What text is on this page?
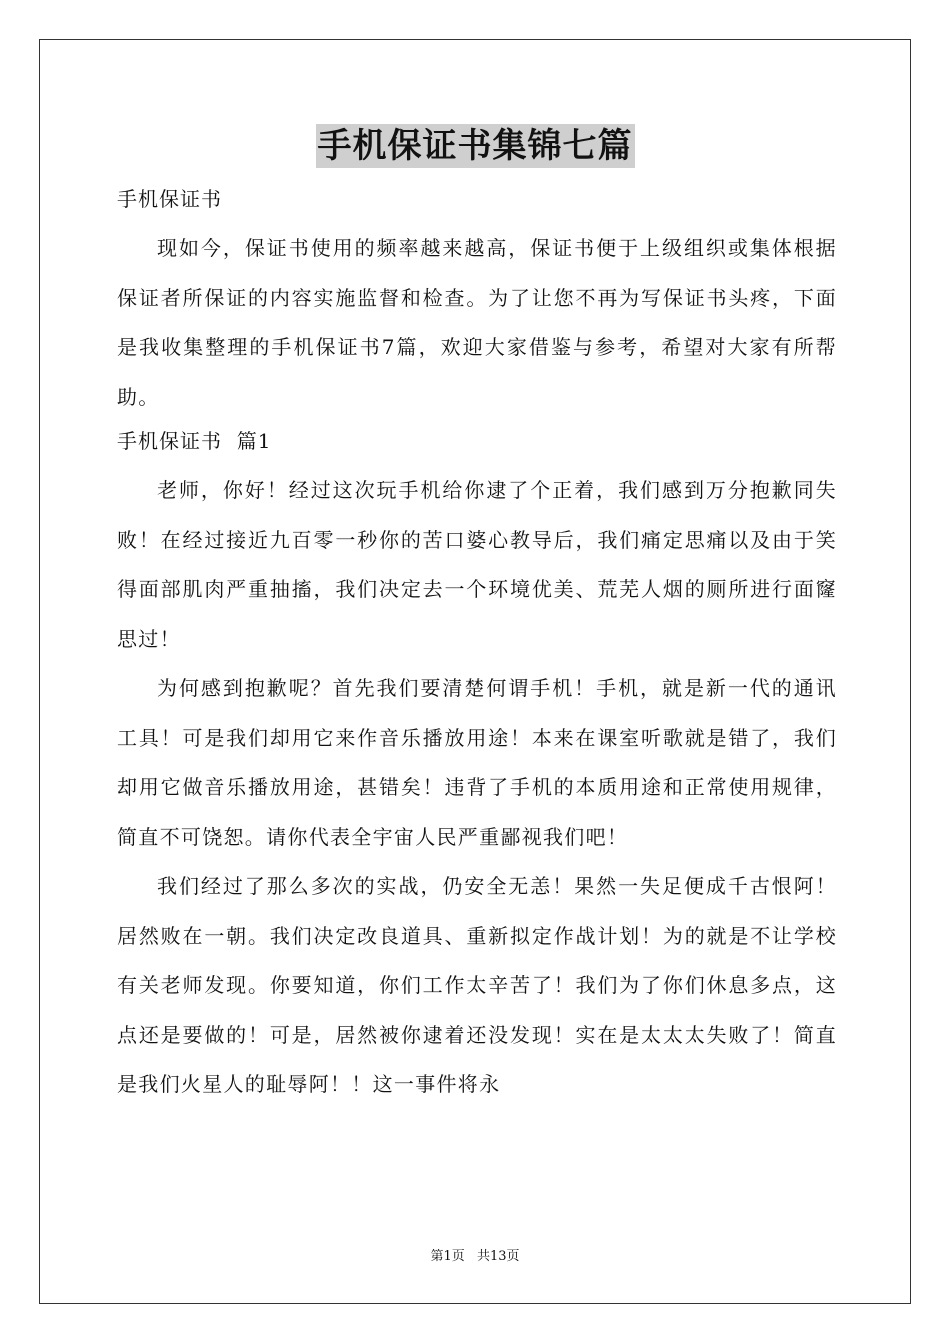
手机保证书集锦七篇
手机保证书

现如今，保证书使用的频率越来越高，保证书便于上级组织或集体根据保证者所保证的内容实施监督和检查。为了让您不再为写保证书头疼，下面是我收集整理的手机保证书7篇，欢迎大家借鉴与参考，希望对大家有所帮助。

手机保证书  篇1

老师，你好！经过这次玩手机给你逮了个正着，我们感到万分抱歉同失败！在经过接近九百零一秒你的苦口婆心教导后，我们痛定思痛以及由于笑得面部肌肉严重抽搐，我们决定去一个环境优美、荒芜人烟的厕所进行面窿思过！

为何感到抱歉呢？首先我们要清楚何谓手机！手机，就是新一代的通讯工具！可是我们却用它来作音乐播放用途！本来在课室听歌就是错了，我们却用它做音乐播放用途，甚错矣！违背了手机的本质用途和正常使用规律，简直不可饶恕。请你代表全宇宙人民严重鄙视我们吧！

我们经过了那么多次的实战，仍安全无恙！果然一失足便成千古恨阿！居然败在一朝。我们决定改良道具、重新拟定作战计划！为的就是不让学校有关老师发现。你要知道，你们工作太辛苦了！我们为了你们休息多点，这点还是要做的！可是，居然被你逮着还没发现！实在是太太太失败了！简直是我们火星人的耻辱阿！！这一事件将永

第1页 共13页
